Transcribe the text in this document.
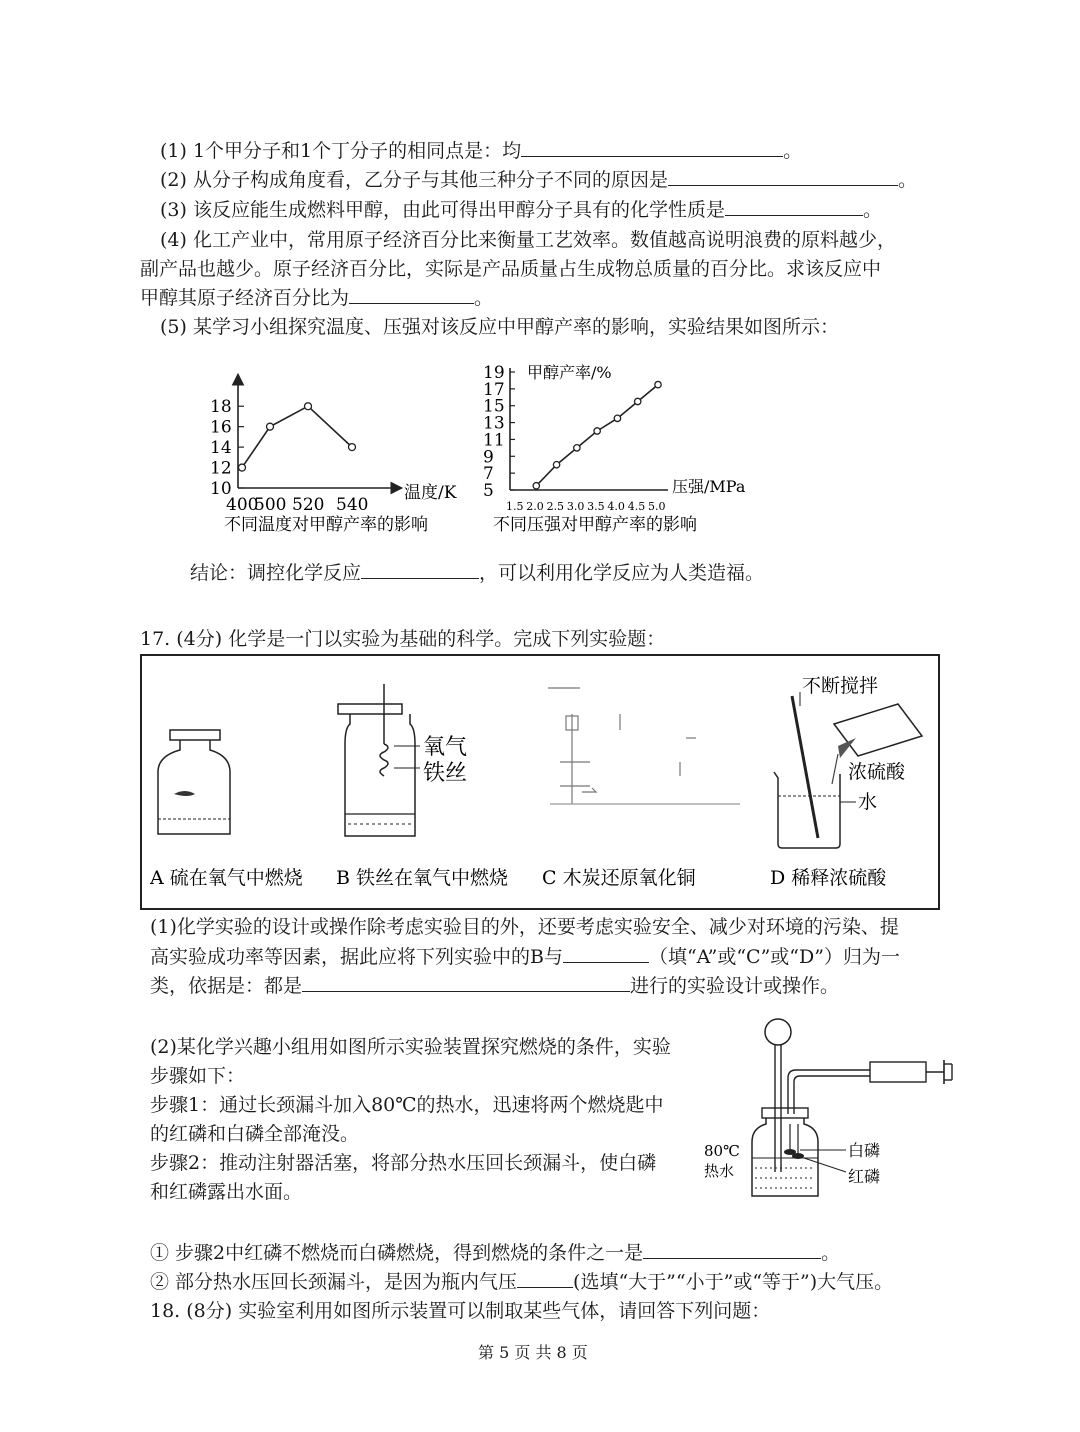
(1) 1个甲分子和1个丁分子的相同点是：均	。
(2) 从分子构成角度看，乙分子与其他三种分子不同的原因是	。
(3) 该反应能生成燃料甲醇，由此可得出甲醇分子具有的化学性质是	。
(4) 化工产业中，常用原子经济百分比来衡量工艺效率。数值越高说明浪费的原料越少，
副产品也越少。原子经济百分比，实际是产品质量占生成物总质量的百分比。求该反应中
甲醇其原子经济百分比为	。
(5) 某学习小组探究温度、压强对该反应中甲醇产率的影响，实验结果如图所示：
10
12
14
16
18
400
500 520 540
温度/K
不同温度对甲醇产率的影响
5
7
9
11
13
15
17
19
1.5 2.0 2.5 3.0 3.5 4.0 4.5 5.0
甲醇产率/%
压强/MPa
不同压强对甲醇产率的影响
结论：调控化学反应	，可以利用化学反应为人类造福。
17. (4分) 化学是一门以实验为基础的科学。完成下列实验题：
氧气
铁丝
不断搅拌
浓硫酸
水
A 硫在氧气中燃烧 B 铁丝在氧气中燃烧 C 木炭还原氧化铜	D 稀释浓硫酸
(1)化学实验的设计或操作除考虑实验目的外，还要考虑实验安全、减少对环境的污染、提
高实验成功率等因素，据此应将下列实验中的B与	（填“A”或“C”或“D”）归为一
类，依据是：都是	进行的实验设计或操作。
(2)某化学兴趣小组用如图所示实验装置探究燃烧的条件，实验
步骤如下：
步骤1：通过长颈漏斗加入80℃的热水，迅速将两个燃烧匙中
的红磷和白磷全部淹没。
步骤2：推动注射器活塞，将部分热水压回长颈漏斗，使白磷
和红磷露出水面。
白磷
红磷
80℃
热水
① 步骤2中红磷不燃烧而白磷燃烧，得到燃烧的条件之一是	。
② 部分热水压回长颈漏斗，是因为瓶内气压	(选填“大于”“小于”或“等于”)大气压。
18. (8分) 实验室利用如图所示装置可以制取某些气体，请回答下列问题：
第 5 页 共 8 页
